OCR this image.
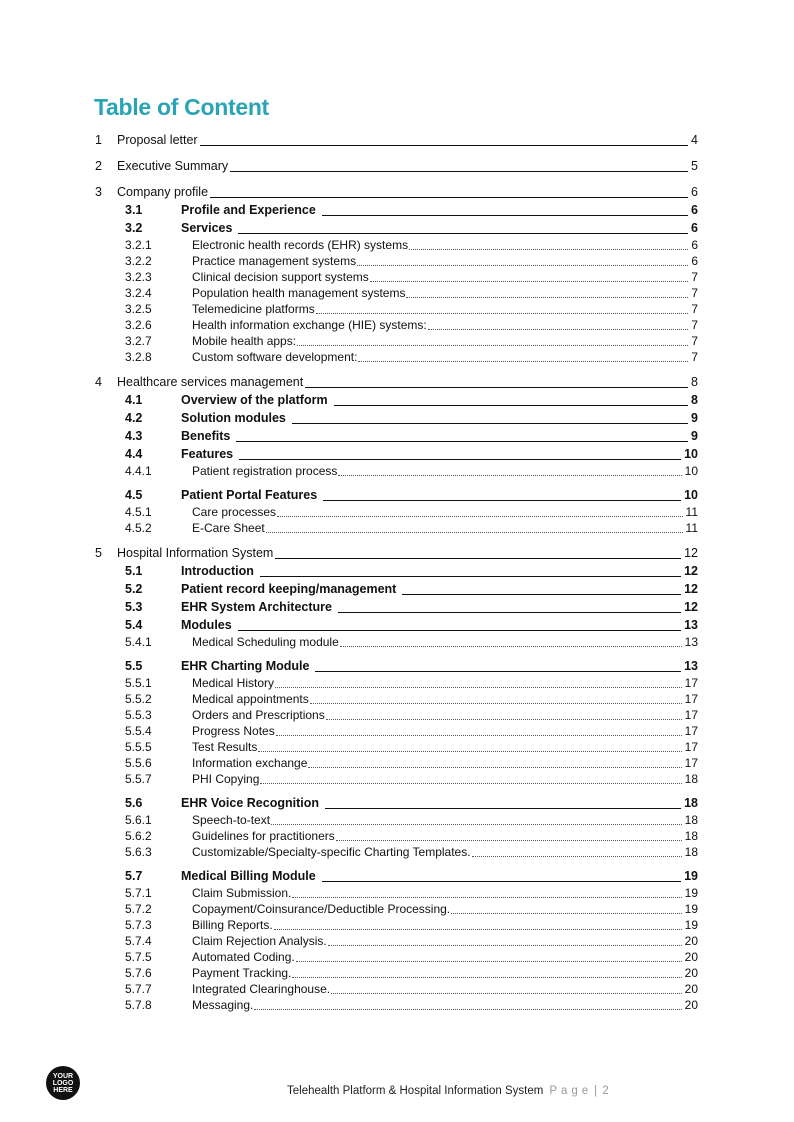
Table of Content
1	Proposal letter	4
2	Executive Summary	5
3	Company profile	6
3.1	Profile and Experience	6
3.2	Services	6
3.2.1	Electronic health records (EHR) systems	6
3.2.2	Practice management systems	6
3.2.3	Clinical decision support systems	7
3.2.4	Population health management systems	7
3.2.5	Telemedicine platforms	7
3.2.6	Health information exchange (HIE) systems:	7
3.2.7	Mobile health apps:	7
3.2.8	Custom software development:	7
4	Healthcare services management	8
4.1	Overview of the platform	8
4.2	Solution modules	9
4.3	Benefits	9
4.4	Features	10
4.4.1	Patient registration process	10
4.5	Patient Portal Features	10
4.5.1	Care processes	11
4.5.2	E-Care Sheet	11
5	Hospital Information System	12
5.1	Introduction	12
5.2	Patient record keeping/management	12
5.3	EHR System Architecture	12
5.4	Modules	13
5.4.1	Medical Scheduling module	13
5.5	EHR Charting Module	13
5.5.1	Medical History	17
5.5.2	Medical appointments	17
5.5.3	Orders and Prescriptions	17
5.5.4	Progress Notes	17
5.5.5	Test Results	17
5.5.6	Information exchange	17
5.5.7	PHI Copying	18
5.6	EHR Voice Recognition	18
5.6.1	Speech-to-text	18
5.6.2	Guidelines for practitioners	18
5.6.3	Customizable/Specialty-specific Charting Templates.	18
5.7	Medical Billing Module	19
5.7.1	Claim Submission.	19
5.7.2	Copayment/Coinsurance/Deductible Processing.	19
5.7.3	Billing Reports.	19
5.7.4	Claim Rejection Analysis.	20
5.7.5	Automated Coding.	20
5.7.6	Payment Tracking.	20
5.7.7	Integrated Clearinghouse.	20
5.7.8	Messaging.	20
YOUR
LOGO
HERE	Telehealth Platform & Hospital Information System Page | 2
